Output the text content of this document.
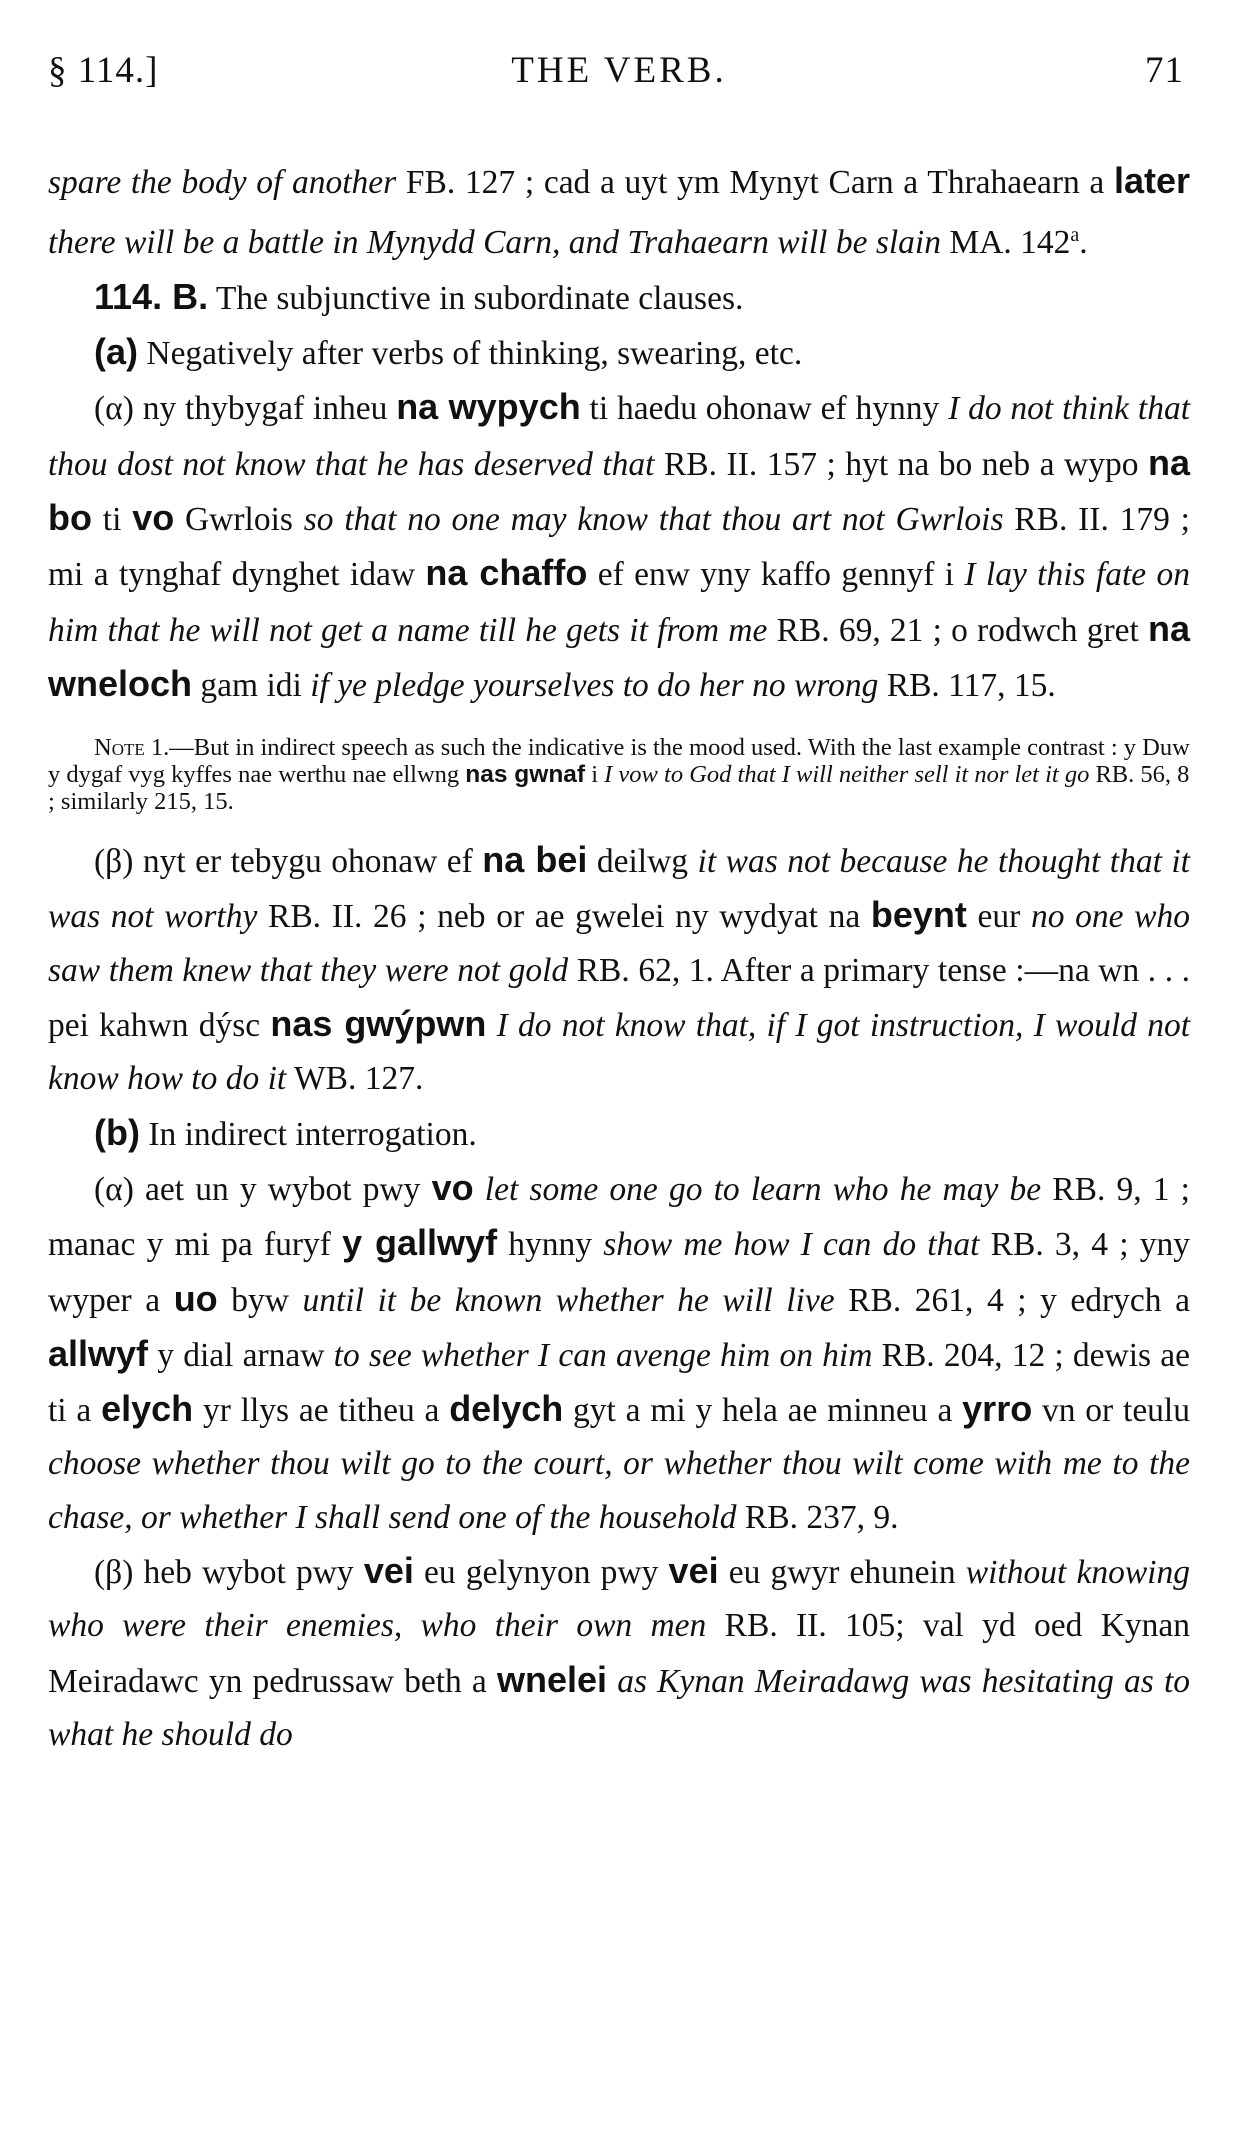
§ 114.]	THE VERB.	71

spare the body of another FB. 127 ; cad a uyt ym Mynyt Carn a Thrahaearn a later there will be a battle in Mynydd Carn, and Trahaearn will be slain MA. 142$^a$.

114. B. The subjunctive in subordinate clauses.

(a) Negatively after verbs of thinking, swearing, etc.

(α) ny thybygaf inheu na wypych ti haedu ohonaw ef hynny I do not think that thou dost not know that he has deserved that RB. II. 157 ; hyt na bo neb a wypo na bo ti vo Gwrlois so that no one may know that thou art not Gwrlois RB. II. 179 ; mi a tynghaf dynghet idaw na chaffo ef enw yny kaffo gennyf i I lay this fate on him that he will not get a name till he gets it from me RB. 69, 21 ; o rodwch gret na wneloch gam idi if ye pledge yourselves to do her no wrong RB. 117, 15.

Note 1.—But in indirect speech as such the indicative is the mood used. With the last example contrast : y Duw y dygaf vyg kyffes nae werthu nae ellwng nas gwnaf i I vow to God that I will neither sell it nor let it go RB. 56, 8 ; similarly 215, 15.

(β) nyt er tebygu ohonaw ef na bei deilwg it was not because he thought that it was not worthy RB. II. 26 ; neb or ae gwelei ny wydyat na beynt eur no one who saw them knew that they were not gold RB. 62, 1. After a primary tense :—na wn . . . pei kahwn dýsc nas gwýpwn I do not know that, if I got instruction, I would not know how to do it WB. 127.

(b) In indirect interrogation.

(α) aet un y wybot pwy vo let some one go to learn who he may be RB. 9, 1 ; manac y mi pa furyf y gallwyf hynny show me how I can do that RB. 3, 4 ; yny wyper a uo byw until it be known whether he will live RB. 261, 4 ; y edrych a allwyf y dial arnaw to see whether I can avenge him on him RB. 204, 12 ; dewis ae ti a elych yr llys ae titheu a delych gyt a mi y hela ae minneu a yrro vn or teulu choose whether thou wilt go to the court, or whether thou wilt come with me to the chase, or whether I shall send one of the household RB. 237, 9.

(β) heb wybot pwy vei eu gelynyon pwy vei eu gwyr ehunein without knowing who were their enemies, who their own men RB. II. 105; val yd oed Kynan Meiradawc yn pedrussaw beth a wnelei as Kynan Meiradawg was hesitating as to what he should do
